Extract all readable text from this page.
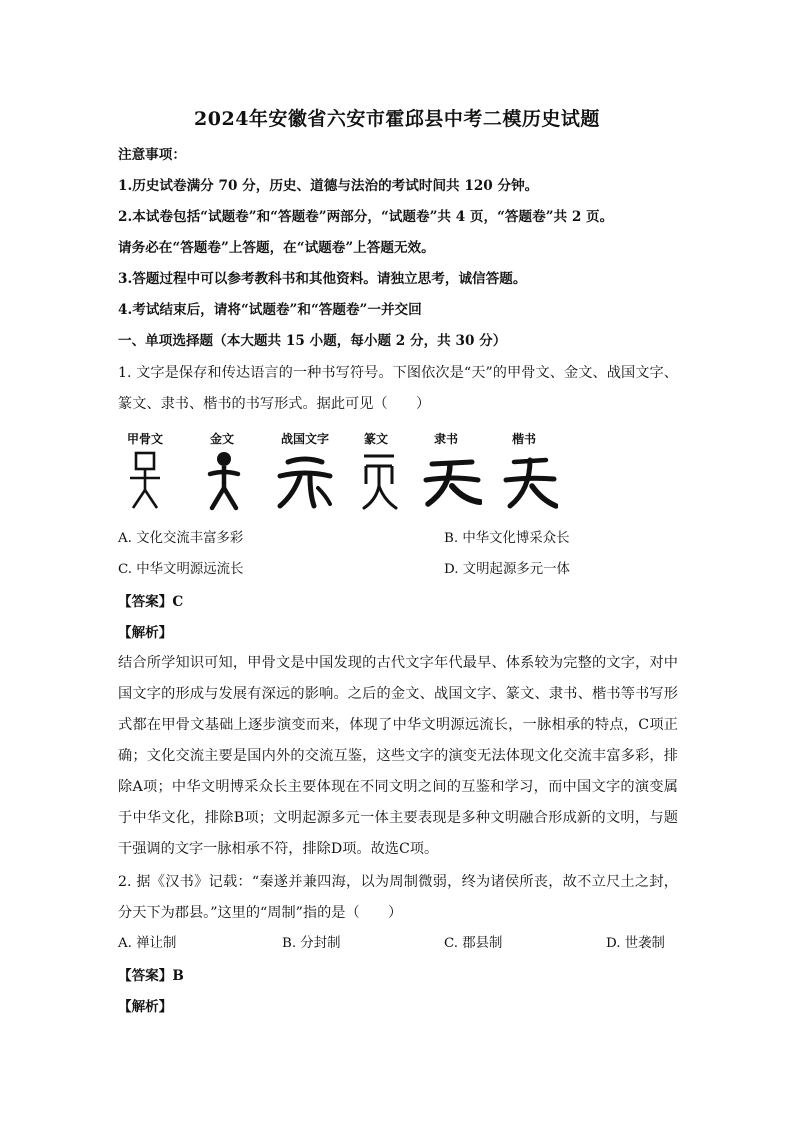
2024年安徽省六安市霍邱县中考二模历史试题
注意事项：
1.历史试卷满分 70 分，历史、道德与法治的考试时间共 120 分钟。
2.本试卷包括“试题卷”和“答题卷”两部分，“试题卷”共 4 页，“答题卷”共 2 页。
请务必在“答题卷”上答题，在“试题卷”上答题无效。
3.答题过程中可以参考教科书和其他资料。请独立思考，诚信答题。
4.考试结束后，请将“试题卷”和“答题卷”一并交回
一、单项选择题（本大题共 15 小题，每小题 2 分，共 30 分）
1. 文字是保存和传达语言的一种书写符号。下图依次是“天”的甲骨文、金文、战国文字、篆文、隶书、楷书的书写形式。据此可见（　　）
甲骨文	金文	战国文字	篆文	隶书	楷书
A. 文化交流丰富多彩	B. 中华文化博采众长
C. 中华文明源远流长	D. 文明起源多元一体
【答案】C
【解析】
结合所学知识可知，甲骨文是中国发现的古代文字年代最早、体系较为完整的文字，对中国文字的形成与发展有深远的影响。之后的金文、战国文字、篆文、隶书、楷书等书写形式都在甲骨文基础上逐步演变而来，体现了中华文明源远流长，一脉相承的特点，C项正确；文化交流主要是国内外的交流互鉴，这些文字的演变无法体现文化交流丰富多彩，排除A项；中华文明博采众长主要体现在不同文明之间的互鉴和学习，而中国文字的演变属于中华文化，排除B项；文明起源多元一体主要表现是多种文明融合形成新的文明，与题干强调的文字一脉相承不符，排除D项。故选C项。
2. 据《汉书》记载：“秦遂并兼四海，以为周制微弱，终为诸侯所丧，故不立尺土之封，分天下为郡县。”这里的“周制”指的是（　　）
A. 禅让制	B. 分封制	C. 郡县制	D. 世袭制
【答案】B
【解析】
